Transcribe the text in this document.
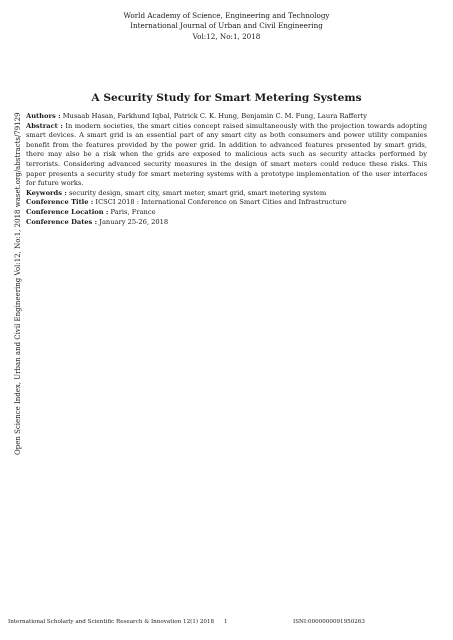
World Academy of Science, Engineering and Technology
International Journal of Urban and Civil Engineering
Vol:12, No:1, 2018
A Security Study for Smart Metering Systems

Authors : Musaab Hasan, Farkhund Iqbal, Patrick C. K. Hung, Benjamin C. M. Fung, Laura Rafferty

Abstract : In modern societies, the smart cities concept raised simultaneously with the projection towards adopting smart devices. A smart grid is an essential part of any smart city as both consumers and power utility companies benefit from the features provided by the power grid. In addition to advanced features presented by smart grids, there may also be a risk when the grids are exposed to malicious acts such as security attacks performed by terrorists. Considering advanced security measures in the design of smart meters could reduce these risks. This paper presents a security study for smart metering systems with a prototype implementation of the user interfaces for future works.

Keywords : security design, smart city, smart meter, smart grid, smart metering system

Conference Title : ICSCI 2018 : International Conference on Smart Cities and Infrastructure

Conference Location : Paris, France

Conference Dates : January 25-26, 2018

Open Science Index, Urban and Civil Engineering Vol:12, No:1, 2018 waset.org/abstracts/79129
International Scholarly and Scientific Research & Innovation 12(1) 2018 1	ISNI:0000000091950263
